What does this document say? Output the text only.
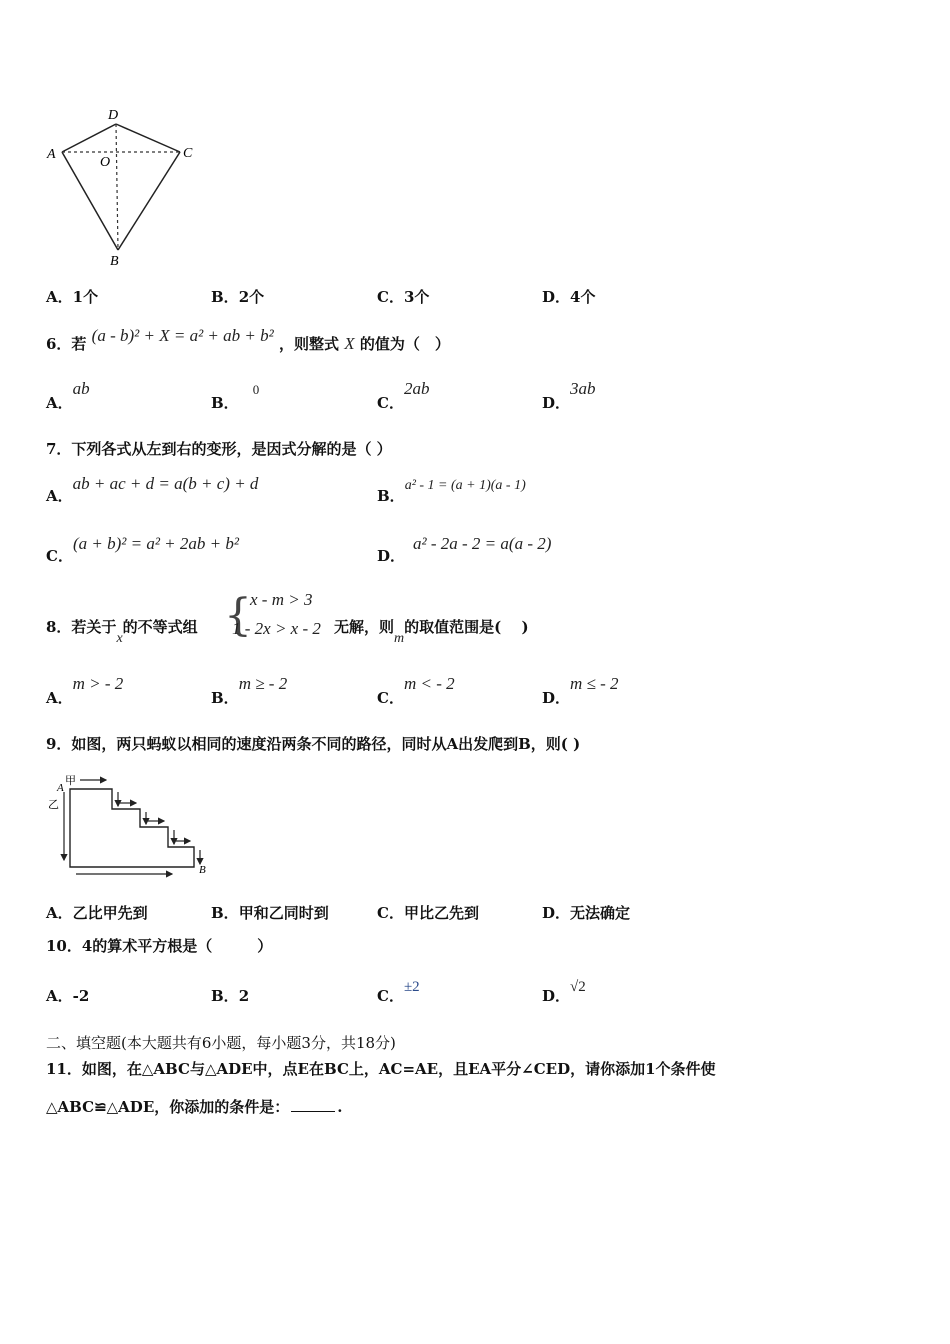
D
A
O
C
B
A．1个	B．2个	C．3个	D．4个
6．若 (a - b)² + X = a² + ab + b² ，则整式 X 的值为（　）
A．ab
B．0
C．2ab
D．3ab
7．下列各式从左到右的变形，是因式分解的是（ ）
A．ab + ac + d = a(b + c) + d
B．a² - 1 = (a + 1)(a - 1)
C．(a + b)² = a² + 2ab + b²
D．a² - 2a - 2 = a(a - 2)
8．若关于x的不等式组 {
x - m > 3
1 - 2x > x - 2 无解，则m的取值范围是(　 )
A．m > - 2
B．m ≥ - 2
C．m < - 2
D．m ≤ - 2
9．如图，两只蚂蚁以相同的速度沿两条不同的路径，同时从A出发爬到B，则( )
甲
A
乙
B
A．乙比甲先到	B．甲和乙同时到	C．甲比乙先到	D．无法确定
10．4的算术平方根是（　　　）
A．-2	B．2	C．±2	D．√2
二、填空题(本大题共有6小题，每小题3分，共18分)
11．如图，在△ABC与△ADE中，点E在BC上，AC=AE，且EA平分∠CED，请你添加1个条件使
△ABC≌△ADE，你添加的条件是：	.
